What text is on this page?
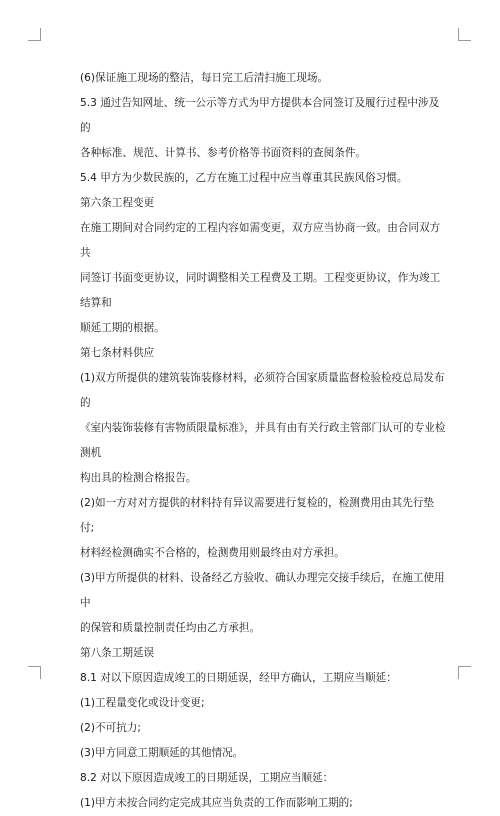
(6)保证施工现场的整洁，每日完工后清扫施工现场。

5.3 通过告知网址、统一公示等方式为甲方提供本合同签订及履行过程中涉及的
各种标准、规范、计算书、参考价格等书面资料的查阅条件。

5.4 甲方为少数民族的，乙方在施工过程中应当尊重其民族风俗习惯。

第六条工程变更

在施工期间对合同约定的工程内容如需变更，双方应当协商一致。由合同双方共
同签订书面变更协议，同时调整相关工程费及工期。工程变更协议，作为竣工结算和
顺延工期的根据。

第七条材料供应

(1)双方所提供的建筑装饰装修材料，必须符合国家质量监督检验检疫总局发布的
《室内装饰装修有害物质限量标准》，并具有由有关行政主管部门认可的专业检测机
构出具的检测合格报告。

(2)如一方对对方提供的材料持有异议需要进行复检的，检测费用由其先行垫付;
材料经检测确实不合格的，检测费用则最终由对方承担。

(3)甲方所提供的材料、设备经乙方验收、确认办理完交接手续后，在施工使用中
的保管和质量控制责任均由乙方承担。

第八条工期延误

8.1 对以下原因造成竣工的日期延误，经甲方确认，工期应当顺延：

(1)工程量变化或设计变更;

(2)不可抗力;

(3)甲方同意工期顺延的其他情况。

8.2 对以下原因造成竣工的日期延误，工期应当顺延：

(1)甲方未按合同约定完成其应当负责的工作而影响工期的;
